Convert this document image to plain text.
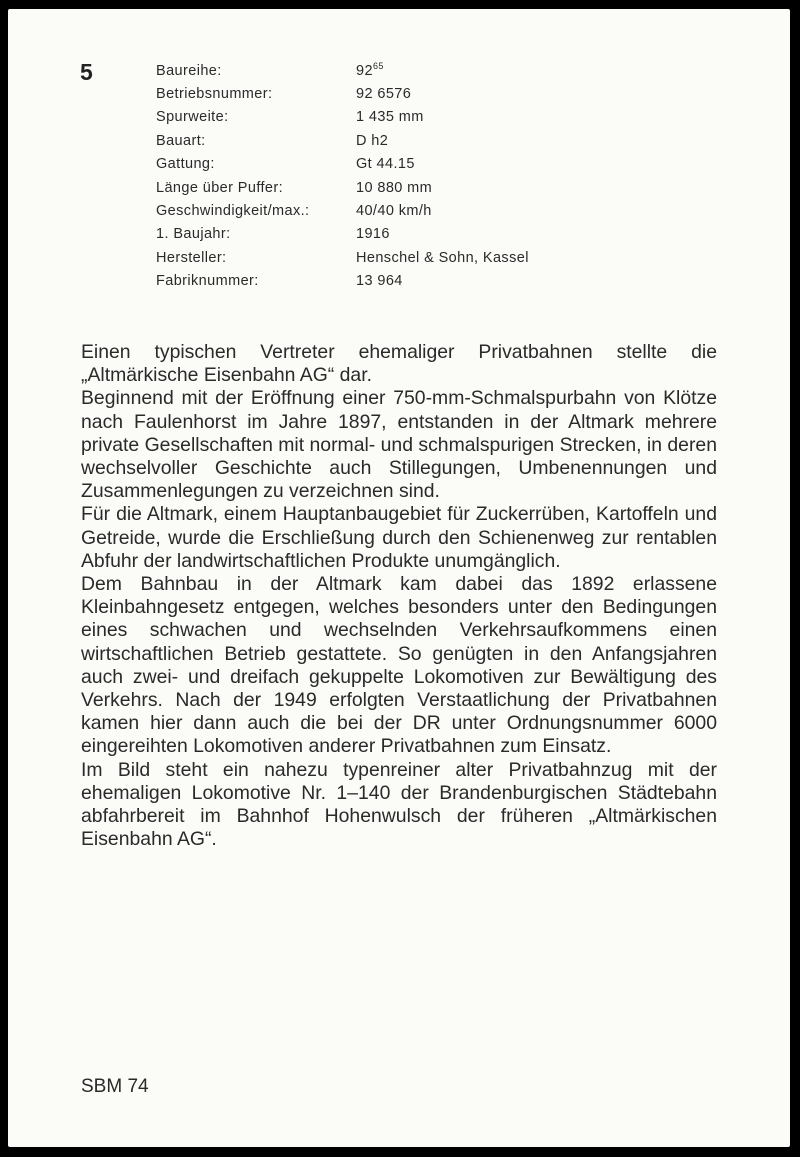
5	Baureihe:	$92^{65}$
Betriebsnummer:	92 6576
Spurweite:	1 435 mm
Bauart:	D h2
Gattung:	Gt 44.15
Länge über Puffer:	10 880 mm
Geschwindigkeit/max.:	40/40 km/h
1. Baujahr:	1916
Hersteller:	Henschel & Sohn, Kassel
Fabriknummer:	13 964

Einen typischen Vertreter ehemaliger Privatbahnen stellte die „Altmärkische Eisenbahn AG“ dar.

Beginnend mit der Eröffnung einer 750-mm-Schmalspurbahn von Klötze nach Faulenhorst im Jahre 1897, entstanden in der Altmark mehrere private Gesellschaften mit normal- und schmalspurigen Strecken, in deren wechselvoller Geschichte auch Stillegungen, Umbenennungen und Zusammenlegungen zu verzeichnen sind.

Für die Altmark, einem Hauptanbaugebiet für Zuckerrüben, Kartoffeln und Getreide, wurde die Erschließung durch den Schienenweg zur rentablen Abfuhr der landwirtschaftlichen Produkte unumgänglich.

Dem Bahnbau in der Altmark kam dabei das 1892 erlassene Kleinbahngesetz entgegen, welches besonders unter den Bedingungen eines schwachen und wechselnden Verkehrsaufkommens einen wirtschaftlichen Betrieb gestattete. So genügten in den Anfangsjahren auch zwei- und dreifach gekuppelte Lokomotiven zur Bewältigung des Verkehrs. Nach der 1949 erfolgten Verstaatlichung der Privatbahnen kamen hier dann auch die bei der DR unter Ordnungsnummer 6000 eingereihten Lokomotiven anderer Privatbahnen zum Einsatz.

Im Bild steht ein nahezu typenreiner alter Privatbahnzug mit der ehemaligen Lokomotive Nr. 1–140 der Brandenburgischen Städtebahn abfahrbereit im Bahnhof Hohenwulsch der früheren „Altmärkischen Eisenbahn AG“.

SBM 74
